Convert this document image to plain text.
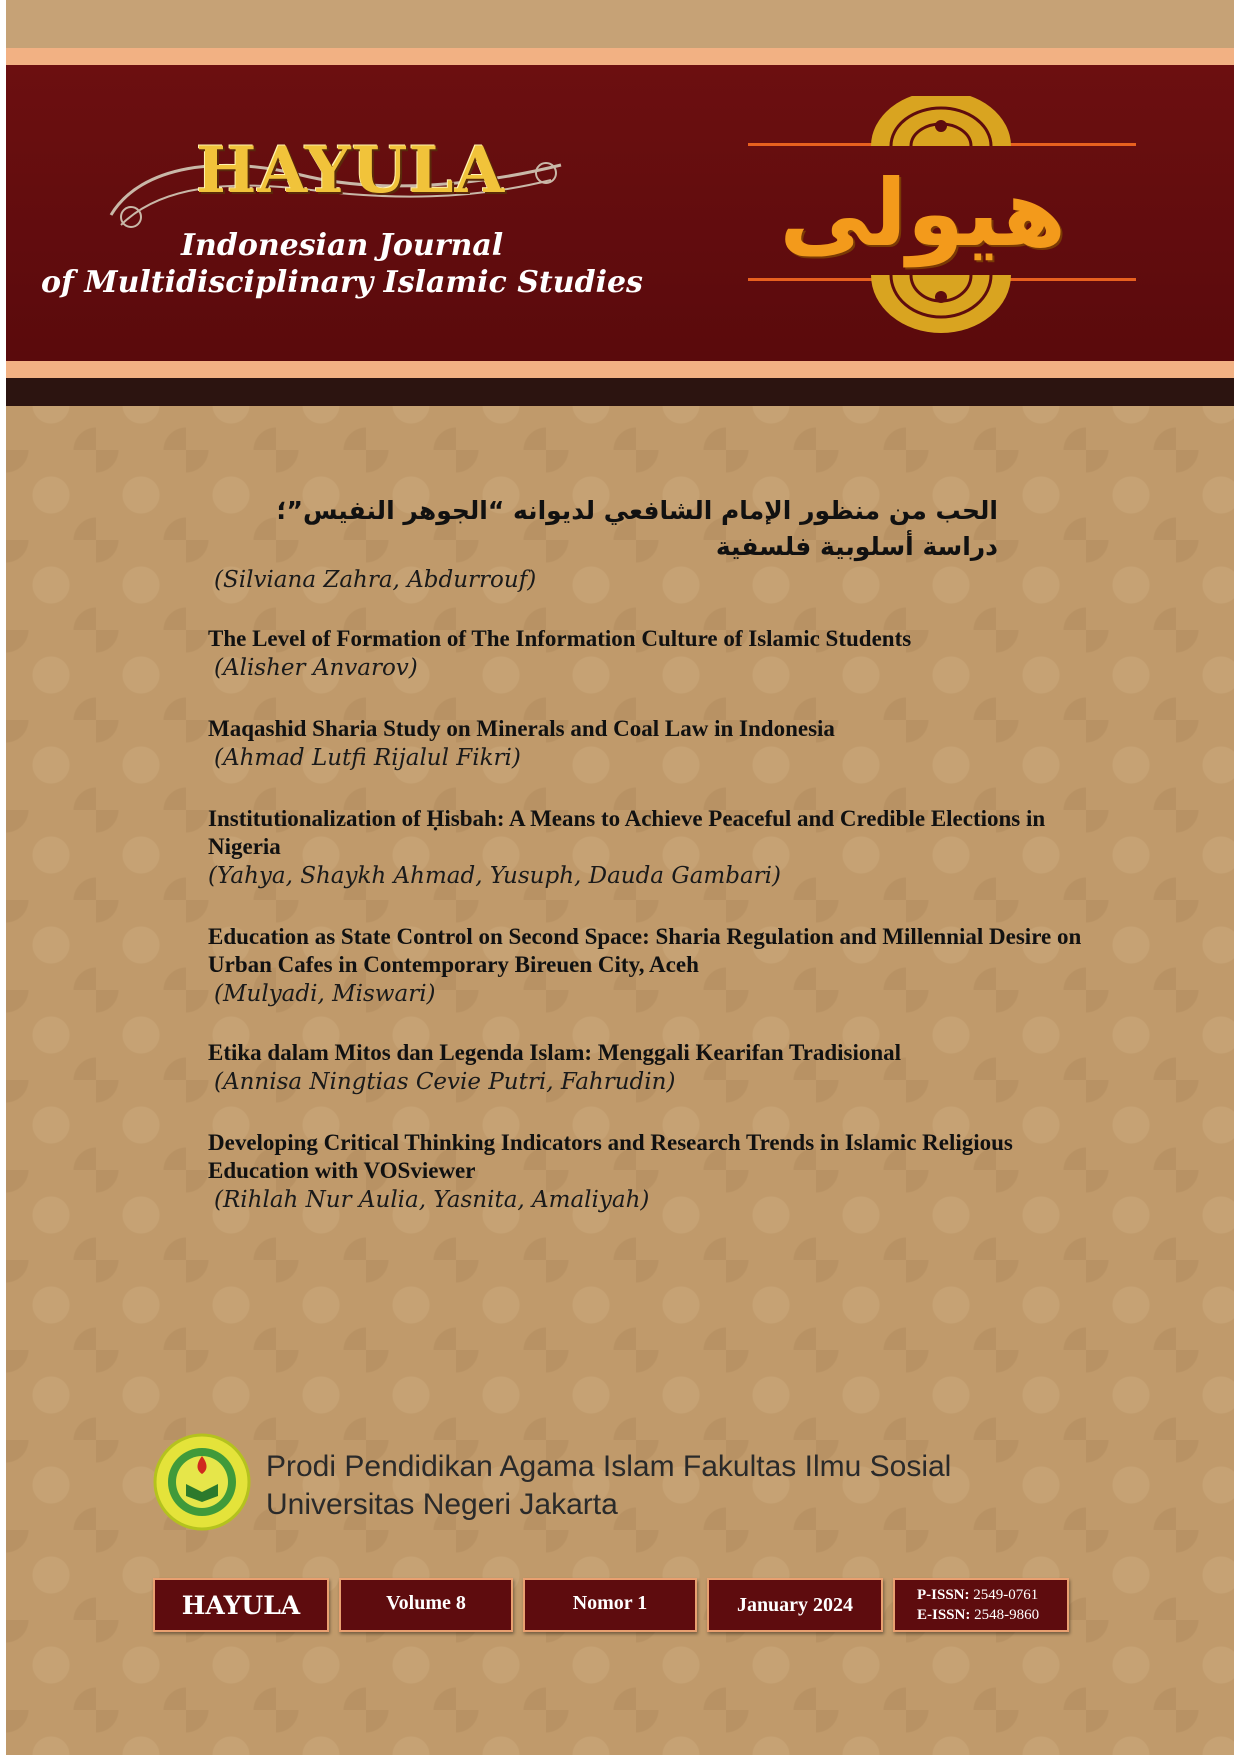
HAYULA

Indonesian Journal

of Multidisciplinary Islamic Studies

هيولى

الحب من منظور الإمام الشافعي لديوانه “الجوهر النفيس”؛ دراسة أسلوبية فلسفية

(Silviana Zahra, Abdurrouf)

The Level of Formation of The Information Culture of Islamic Students

(Alisher Anvarov)

Maqashid Sharia Study on Minerals and Coal Law in Indonesia

(Ahmad Lutfi Rijalul Fikri)

Institutionalization of Ḥisbah: A Means to Achieve Peaceful and Credible Elections in Nigeria

(Yahya, Shaykh Ahmad, Yusuph, Dauda Gambari)

Education as State Control on Second Space: Sharia Regulation and Millennial Desire on Urban Cafes in Contemporary Bireuen City, Aceh

(Mulyadi, Miswari)

Etika dalam Mitos dan Legenda Islam: Menggali Kearifan Tradisional

(Annisa Ningtias Cevie Putri, Fahrudin)

Developing Critical Thinking Indicators and Research Trends in Islamic Religious Education with VOSviewer

(Rihlah Nur Aulia, Yasnita, Amaliyah)

Prodi Pendidikan Agama Islam Fakultas Ilmu Sosial

Universitas Negeri Jakarta

HAYULA	Volume 8	Nomor 1	January 2024	P-ISSN: 2549-0761
E-ISSN: 2548-9860
